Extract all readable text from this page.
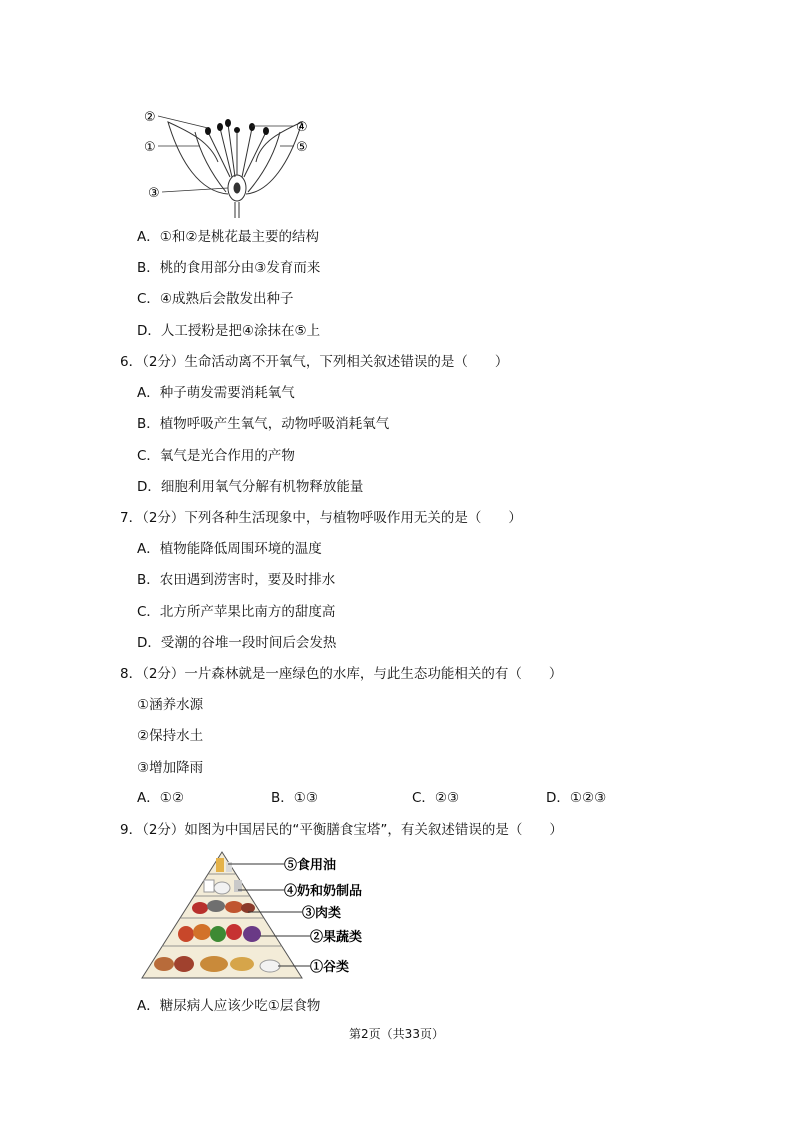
②
①
③
④
⑤
A．①和②是桃花最主要的结构
B．桃的食用部分由③发育而来
C．④成熟后会散发出种子
D．人工授粉是把④涂抹在⑤上
6．（2分）生命活动离不开氧气，下列相关叙述错误的是（　　）
A．种子萌发需要消耗氧气
B．植物呼吸产生氧气，动物呼吸消耗氧气
C．氧气是光合作用的产物
D．细胞利用氧气分解有机物释放能量
7．（2分）下列各种生活现象中，与植物呼吸作用无关的是（　　）
A．植物能降低周围环境的温度
B．农田遇到涝害时，要及时排水
C．北方所产苹果比南方的甜度高
D．受潮的谷堆一段时间后会发热
8．（2分）一片森林就是一座绿色的水库，与此生态功能相关的有（　　）
①涵养水源
②保持水土
③增加降雨
A．①②	B．①③	C．②③	D．①②③
9．（2分）如图为中国居民的“平衡膳食宝塔”，有关叙述错误的是（　　）
⑤食用油
④奶和奶制品
③肉类
②果蔬类
①谷类
A．糖尿病人应该少吃①层食物
第2页（共33页）
